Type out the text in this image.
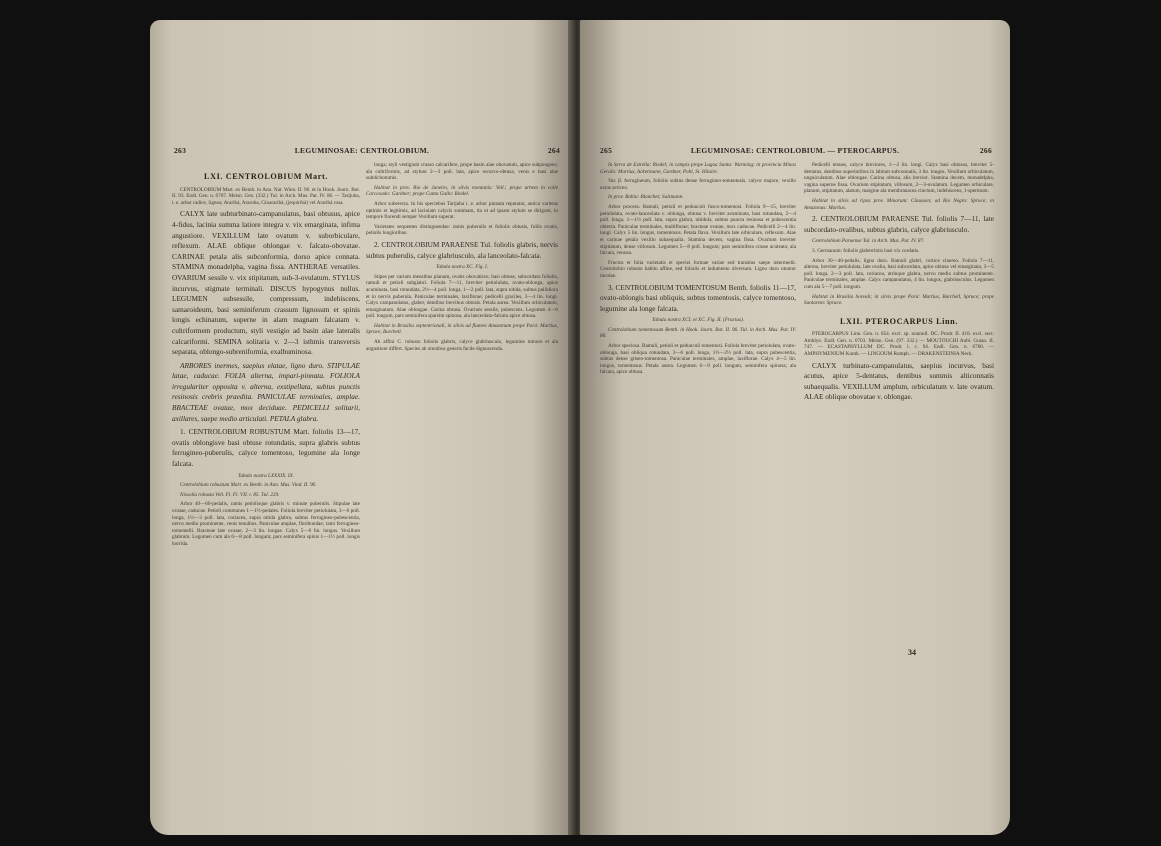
263	LEGUMINOSAE: CENTROLOBIUM.	264
LXI. CENTROLOBIUM Mart.

CENTROLOBIUM Mart. ex Benth. in Ann. Nat. Wien. II. 96. et in Hook. Journ. Bot. II. 93. Endl. Gen. n. 6707. Meisn. Gen. (332.) Tul. in Arch. Mus. Par. IV. 86. — Tarijuba, i. e. arbor radice, lignea; Araribá, Araroba, Ginararibá, (jequiribá) vel Araribá rosa.

CALYX late subturbinato-campanulatus, basi obtusus, apice 4-fidus, lacinia summa latiore integra v. vix emarginata, infima angustiore. VEXILLUM late ovatum v. suborbiculare, reflexum. ALAE oblique oblongae v. falcato-obovatae. CARINAE petala alis subconformia, dorso apice connata. STAMINA monadelpha, vagina fissa. ANTHERAE versatiles. OVARIUM sessile v. vix stipitatum, sub-3-ovulatum. STYLUS incurvus, stigmate terminali. DISCUS hypogynus nullus. LEGUMEN subsessile, compressum, indehiscens, samaroideum, basi seminiferum crassum lignosum et spinis longis echinatum, superne in alam magnam falcatam v. cultriformem productum, styli vestigio ad basin alae lateralis calcariformi. SEMINA solitaria v. 2—3 isthmis transversis separata, oblongo-subreniformia, exalbuminosa.

ARBORES inermes, saepius elatae, ligno duro. STIPULAE latae, caducae. FOLIA alterna, impari-pinnata. FOLIOLA irregulariter opposita v. alterna, exstipellata, subtus punctis resinosis crebris praedita. PANICULAE terminales, amplae. BRACTEAE ovatae, mox deciduae. PEDICELLI solitarii, axillares, saepe medio articulati. PETALA glabra.

1. CENTROLOBIUM ROBUSTUM Mart. foliolis 13—17, ovatis oblongisve basi obtuse rotundatis, supra glabris subtus ferrugineo-puberulis, calyce tomentoso, legumine ala longe falcata.

Tabula nostra LXXXIX. IX.

Centrolobium robustum Mart. ex Benth. in Ann. Mus. Vind. II. 96.

Nissolia robusta Vell. Fl. Fl. VII. t. 85. Tul. 229.

Arbor 40—60-pedalis, ramis petiolisque glabris v. minute puberulis. Stipulae late ovatae, caducae. Petioli communes 1—1½-pedales. Foliola breviter petiolulata, 3—6 poll. longa, 1½—3 poll. lata, coriacea, supra nitida glabra, subtus ferrugineo-pubescentia, nervo medio prominente, venis tenuibus. Paniculae amplae, floribundae; rami ferrugineo-tomentelli. Bracteae late ovatae, 2—3 lin. longae. Calyx 5—6 lin. longus. Vexillum glabrum. Legumen cum ala 6—8 poll. longum; pars seminifera spinis 1—1½ poll. longis horrida.

longa; styli vestigium crasso calcarifere, prope basin alae obovatum, apice subpungens; ala cultriformis, ad stylum 2—3 poll. lata, apice recurvo-obtusa, venis e basi alae subdichotomis.

Habitat in prov. Rio de Janeiro, in silvis montanis: Vell.; prope urbem in colle Corcovado: Gardner; prope Canta Gallo: Riedel.

Arbor suberecta. In his speciebus Tarijuba i. e. arbor pinnata reputatur, antica varietas optimis et legitimis, ad laciniam calycis summam, ita ut ad ipsam stylum se dirigunt, in tempore florendi semper Vexillum superat.

Varietates sequentes distinguendae: ramis puberulis et foliolis obtusis, foliis ovatis, petiolis longioribus.

2. CENTROLOBIUM PARAENSE Tul. foliolis glabris, nervis subtus puberulis, calyce glabriusculo, ala lanceolato-falcata.

Tabula nostra XC. Fig. I.

Stipes per varium mensibus planum, ovatis obovatisve, basi obtuse, subcordato foliolis, ramuli et petioli subglabri. Foliola 7—11, breviter petiolulata, ovato-oblonga, apice acuminata, basi rotundata, 2½—4 poll. longa, 1—2 poll. lata, supra nitida, subtus pallidiora et in nervis puberula. Paniculae terminales, laxiflorae; pedicelli graciles, 3—4 lin. longi. Calyx campanulatus, glaber, dentibus brevibus obtusis. Petala aurea. Vexillum orbiculatum, emarginatum. Alae oblongae. Carina obtusa. Ovarium sessile, pubescens. Legumen 4—6 poll. longum, pars seminifera sparsim spinosa, ala lanceolato-falcata apice obtusa.

Habitat in Brasilia septentrionali, in silvis ad flumen Amazonum prope Pará: Martius, Spruce, Burchell.

Ab affini C. robusto foliolis glabris, calyce glabriusculo, legumine minore et ala angustiore differt. Species ab omnibus generis facile dignoscenda.

265	LEGUMINOSAE: CENTROLOBIUM. — PTEROCARPUS.	266

In Serra de Estrella: Riedel; in campis prope Lagoa Santa: Warming; in provincia Minas Geraës: Martius, Ackermann, Gardner, Pohl, St. Hilaire.

Var. β. ferrugineum, foliolis subtus dense ferrugineo-tomentosis, calyce majore, vexillo extus sericeo.

In prov. Bahia: Blanchet; Salzmann.

Arbor procera. Ramuli, petioli et pedunculi fusco-tomentosi. Foliola 9—15, breviter petiolulata, ovato-lanceolata v. oblonga, obtusa v. breviter acuminata, basi rotundata, 2—4 poll. longa, 1—1½ poll. lata, supra glabra, nitidula, subtus puncta resinosa et pubescentia obtecta. Paniculae terminales, multiflorae; bracteae ovatae, mox caducae. Pedicelli 2—4 lin. longi. Calyx 5 lin. longus, tomentosus. Petala flava. Vexillum late orbiculare, reflexum. Alae et carinae petala vexillo subaequalia. Stamina decem, vagina fissa. Ovarium breviter stipitatum, dense villosum. Legumen 5—8 poll. longum; pars seminifera crasse aculeata; ala falcata, venosa.

Fructus et folia varietatis et speciei formae variae sed transitus saepe intermedii. Centrolobio robusto habitu affine, sed foliolis et indumento diversum. Ligno duro utuntur incolae.

3. CENTROLOBIUM TOMENTOSUM Benth. foliolis 11—17, ovato-oblongis basi obliquis, subtus tomentosis, calyce tomentoso, legumine ala longe falcata.

Tabula nostra XCI. et XC. Fig. II. (Fructus).

Centrolobium tomentosum Benth. in Hook. Journ. Bot. II. 96. Tul. in Arch. Mus. Par. IV. 86.

Arbor speciosa. Ramuli, petioli et pedunculi tomentosi. Foliola breviter petiolulata, ovato-oblonga, basi obliqua rotundata, 3—6 poll. longa, 1½—2½ poll. lata, supra pubescentia, subtus dense griseo-tomentosa. Paniculae terminales, amplae, laxiflorae. Calyx 4—5 lin. longus, tomentosus. Petala aurea. Legumen 6—9 poll. longum, seminifera spinosa; ala falcata, apice obtusa.

Pedicelli tenues, calyce breviores, 1—2 lin. longi. Calyx basi obtusus, breviter 5-dentatus, dentibus superioribus in labium subconnatis, 3 lin. longus. Vexillum orbiculatum, unguiculatum. Alae oblongae. Carina obtusa, alis brevior. Stamina decem, monadelpha, vagina superne fissa. Ovarium stipitatum, villosum, 2—3-ovulatum. Legumen orbiculare, planum, stipitatum, alatum, margine ala membranacea cinctum, indehiscens, 1-spermum.

Habitat in silvis ad ripas prov. Minarum: Claussen; ad Rio Negro: Spruce; in Amazonas: Martius.

2. CENTROLOBIUM PARAENSE Tul. foliolis 7—11, late subcordato-ovalibus, subtus glabris, calyce glabriusculo.

Centrolobium Paraense Tul. in Arch. Mus. Par. IV. 87.

3. Germanum: foliolis glaberrimis basi vix cordatis.

Arbor 30—40-pedalis, ligno duro. Ramuli glabri, cortice cinereo. Foliola 7—11, alterna, breviter petiolulata, late ovalia, basi subcordata, apice obtusa vel emarginata, 3—5 poll. longa, 2—3 poll. lata, coriacea, utrinque glabra, nervo medio subtus prominente. Paniculae terminales, amplae. Calyx campanulatus, 4 lin. longus, glabriusculus. Legumen cum ala 5—7 poll. longum.

Habitat in Brasilia boreali; in silvis prope Pará: Martius, Burchell, Spruce; prope Santarem: Spruce.

LXII. PTEROCARPUS Linn.

PTEROCARPUS Linn. Gen. n. 854. excl. sp. nonnull. DC. Prodr. II. 418. excl. sect. Amblyo. Endl. Gen. n. 6703. Meisn. Gen. (97. 332.) — MOUTOUCHI Aubl. Guian. II. 747. — ECASTAPHYLLUM DC. Prodr. l. c. 94. Endl. Gen. n. 6700. — AMPHYMENIUM Kunth. — LINGOUM Rumph. — DRAKENSTEINIA Neck.

CALYX turbinato-campanulatus, saepius incurvus, basi acutus, apice 5-dentatus, dentibus summis alticonnatis subaequalis. VEXILLUM amplum, orbiculatum v. late ovatum. ALAE oblique obovatae v. oblongae.

34
